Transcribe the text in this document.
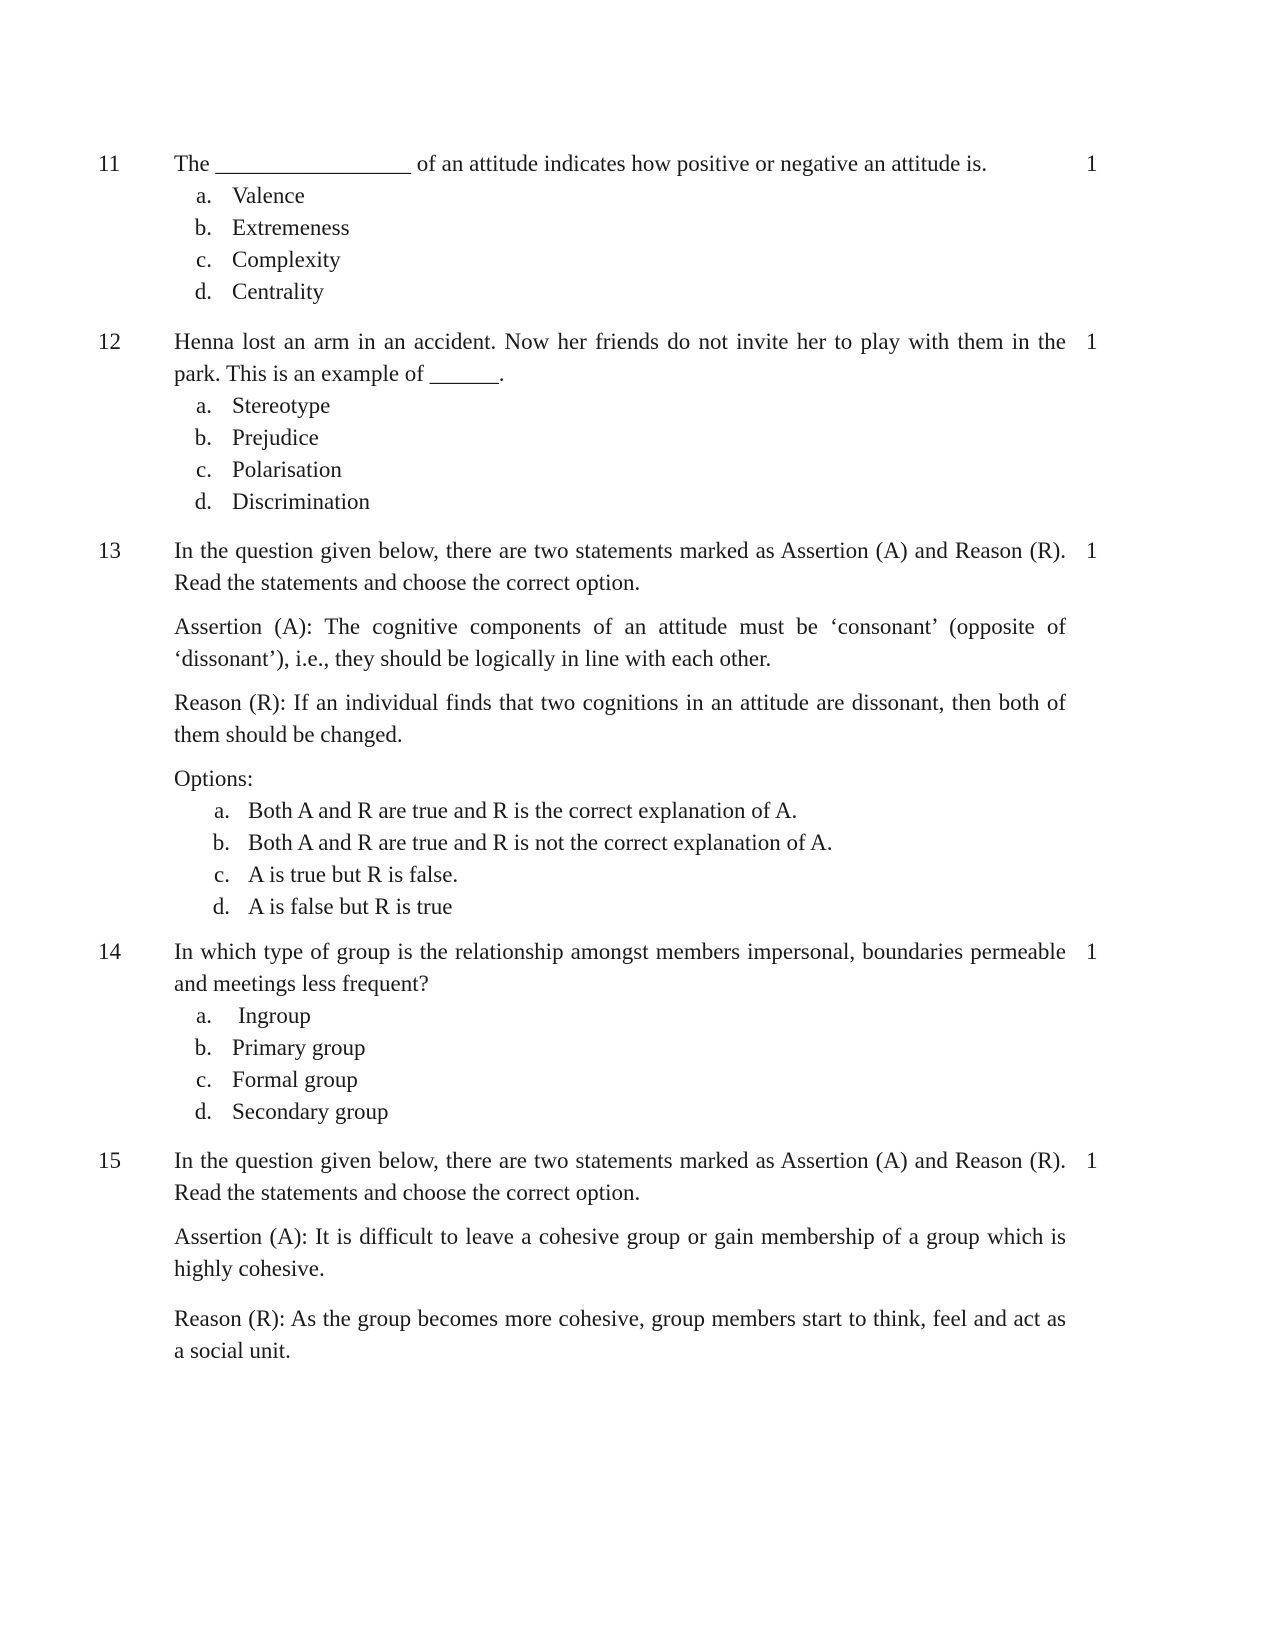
11 The _________________ of an attitude indicates how positive or negative an attitude is.

a. Valence
b. Extremeness
c. Complexity
d. Centrality
1
12 Henna lost an arm in an accident. Now her friends do not invite her to play with them in the park. This is an example of ______.

a. Stereotype
b. Prejudice
c. Polarisation
d. Discrimination
1
13 In the question given below, there are two statements marked as Assertion (A) and Reason (R). Read the statements and choose the correct option.

Assertion (A): The cognitive components of an attitude must be ‘consonant’ (opposite of ‘dissonant’), i.e., they should be logically in line with each other.

Reason (R): If an individual finds that two cognitions in an attitude are dissonant, then both of them should be changed.

Options:

a. Both A and R are true and R is the correct explanation of A.
b. Both A and R are true and R is not the correct explanation of A.
c. A is true but R is false.
d. A is false but R is true
1
14 In which type of group is the relationship amongst members impersonal, boundaries permeable and meetings less frequent?

a. Ingroup
b. Primary group
c. Formal group
d. Secondary group
1
15 In the question given below, there are two statements marked as Assertion (A) and Reason (R). Read the statements and choose the correct option.

Assertion (A): It is difficult to leave a cohesive group or gain membership of a group which is highly cohesive.

Reason (R): As the group becomes more cohesive, group members start to think, feel and act as a social unit.

1
